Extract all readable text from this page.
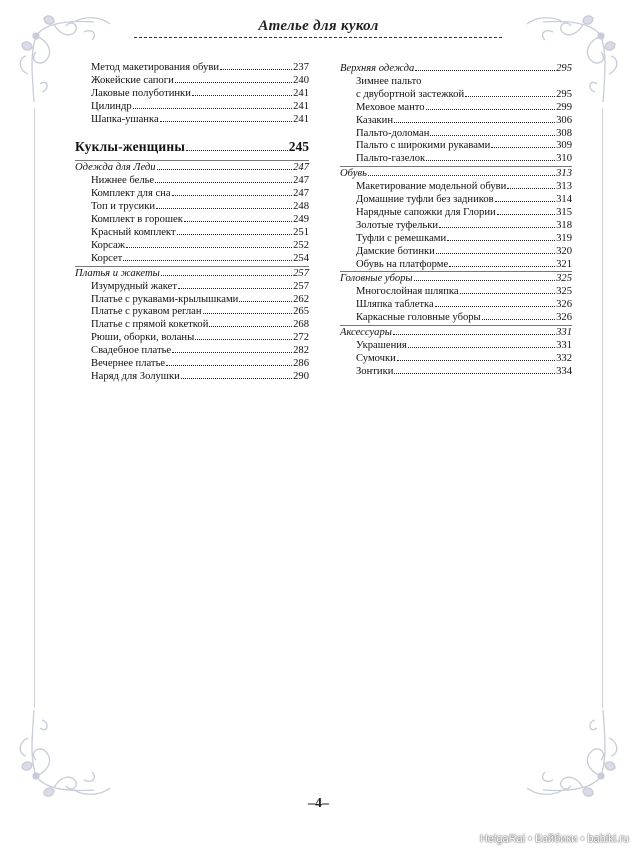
Ателье для кукол
Метод макетирования обуви	237
Жокейские сапоги	240
Лаковые полуботинки	241
Цилиндр	241
Шапка-ушанка	241
Куклы-женщины	245
Одежда для Леди	247
Нижнее белье	247
Комплект для сна	247
Топ и трусики	248
Комплект в горошек	249
Красный комплект	251
Корсаж	252
Корсет	254
Платья и жакеты	257
Изумрудный жакет	257
Платье с рукавами-крылышками	262
Платье с рукавом реглан	265
Платье с прямой кокеткой	268
Рюши, оборки, воланы	272
Свадебное платье	282
Вечернее платье	286
Наряд для Золушки	290
Верхняя одежда	295
Зимнее пальто
с двубортной застежкой	295
Меховое манто	299
Казакин	306
Пальто-доломан	308
Пальто с широкими рукавами	309
Пальто-газелок	310
Обувь	313
Макетирование модельной обуви	313
Домашние туфли без задников	314
Нарядные сапожки для Глории	315
Золотые туфельки	318
Туфли с ремешками	319
Дамские ботинки	320
Обувь на платформе	321
Головные уборы	325
Многослойная шляпка	325
Шляпка таблетка	326
Каркасные головные уборы	326
Аксессуары	331
Украшения	331
Сумочки	332
Зонтики	334
–4–
HelgaRai • Бэйбики • babiki.ru
